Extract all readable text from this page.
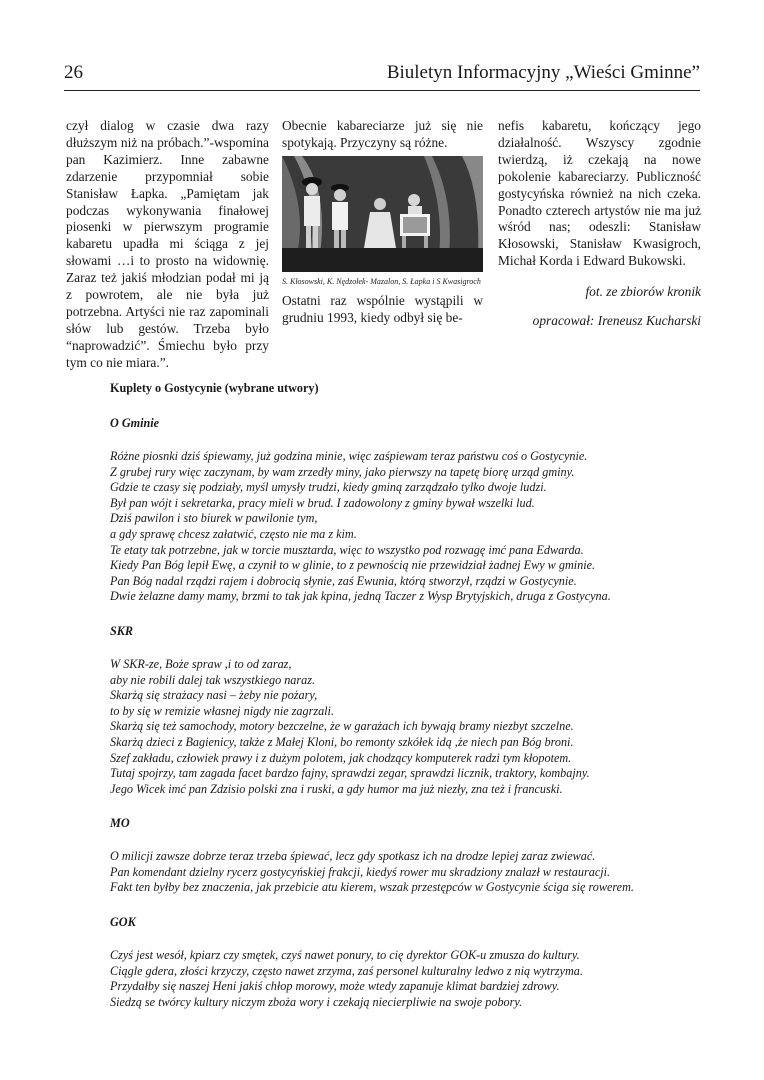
26	Biuletyn Informacyjny „Wieści Gminne”

czył dialog w czasie dwa razy dłuższym niż na próbach.”-wspomina pan Kazimierz. Inne zabawne zdarzenie przypomniał sobie Stanisław Łapka. „Pamiętam jak podczas wykonywania finałowej piosenki w pierwszym programie kabaretu upadła mi ściąga z jej słowami …i to prosto na widownię. Zaraz też jakiś młodzian podał mi ją z powrotem, ale nie była już potrzebna. Artyści nie raz zapominali słów lub gestów. Trzeba było “naprowadzić”. Śmiechu było przy tym co nie miara.”.

Obecnie kabareciarze już się nie spotykają. Przyczyny są różne.

S. Kłosowski, K. Nędzołek- Mazalon, S. Łapka i S Kwasigroch

Ostatni raz wspólnie wystąpili w grudniu 1993, kiedy odbył się be-

nefis kabaretu, kończący jego działalność. Wszyscy zgodnie twierdzą, iż czekają na nowe pokolenie kabareciarzy. Publiczność gostycyńska również na nich czeka. Ponadto czterech artystów nie ma już wśród nas; odeszli: Stanisław Kłosowski, Stanisław Kwasigroch, Michał Korda i Edward Bukowski.

fot. ze zbiorów kronik
opracował: Ireneusz Kucharski
Kuplety o Gostycynie (wybrane utwory)
O Gminie
Różne piosnki dziś śpiewamy, już godzina minie, więc zaśpiewam teraz państwu coś o Gostycynie.
Z grubej rury więc zaczynam, by wam zrzedły miny, jako pierwszy na tapetę biorę urząd gminy.
Gdzie te czasy się podziały, myśl umysły trudzi, kiedy gminą zarządzało tylko dwoje ludzi.
Był pan wójt i sekretarka, pracy mieli w brud. I zadowolony z gminy bywał wszelki lud.
Dziś pawilon i sto biurek w pawilonie tym,
a gdy sprawę chcesz załatwić, często nie ma z kim.
Te etaty tak potrzebne, jak w torcie musztarda, więc to wszystko pod rozwagę imć pana Edwarda.
Kiedy Pan Bóg lepił Ewę, a czynił to w glinie, to z pewnością nie przewidział żadnej Ewy w gminie.
Pan Bóg nadal rządzi rajem i dobrocią słynie, zaś Ewunia, którą stworzył, rządzi w Gostycynie.
Dwie żelazne damy mamy, brzmi to tak jak kpina, jedną Taczer z Wysp Brytyjskich, druga z Gostycyna.
SKR
W SKR-ze, Boże spraw ,i to od zaraz,
aby nie robili dalej tak wszystkiego naraz.
Skarżą się strażacy nasi – żeby nie pożary,
to by się w remizie własnej nigdy nie zagrzali.
Skarżą się też samochody, motory bezczelne, że w garażach ich bywają bramy niezbyt szczelne.
Skarżą dzieci z Bagienicy, także z Małej Kloni, bo remonty szkółek idą ,że niech pan Bóg broni.
Szef zakładu, człowiek prawy i z dużym polotem, jak chodzący komputerek radzi tym kłopotem.
Tutaj spojrzy, tam zagada facet bardzo fajny, sprawdzi zegar, sprawdzi licznik, traktory, kombajny.
Jego Wicek imć pan Zdzisio polski zna i ruski, a gdy humor ma już niezły, zna też i francuski.
MO
O milicji zawsze dobrze teraz trzeba śpiewać, lecz gdy spotkasz ich na drodze lepiej zaraz zwiewać.
Pan komendant dzielny rycerz gostycyńskiej frakcji, kiedyś rower mu skradziony znalazł w restauracji.
Fakt ten byłby bez znaczenia, jak przebicie atu kierem, wszak przestępców w Gostycynie ściga się rowerem.
GOK
Czyś jest wesół, kpiarz czy smętek, czyś nawet ponury, to cię dyrektor GOK-u zmusza do kultury.
Ciągle gdera, złości krzyczy, często nawet zrzyma, zaś personel kulturalny ledwo z nią wytrzyma.
Przydałby się naszej Heni jakiś chłop morowy, może wtedy zapanuje klimat bardziej zdrowy.
Siedzą se twórcy kultury niczym zboża wory i czekają niecierpliwie na swoje pobory.
